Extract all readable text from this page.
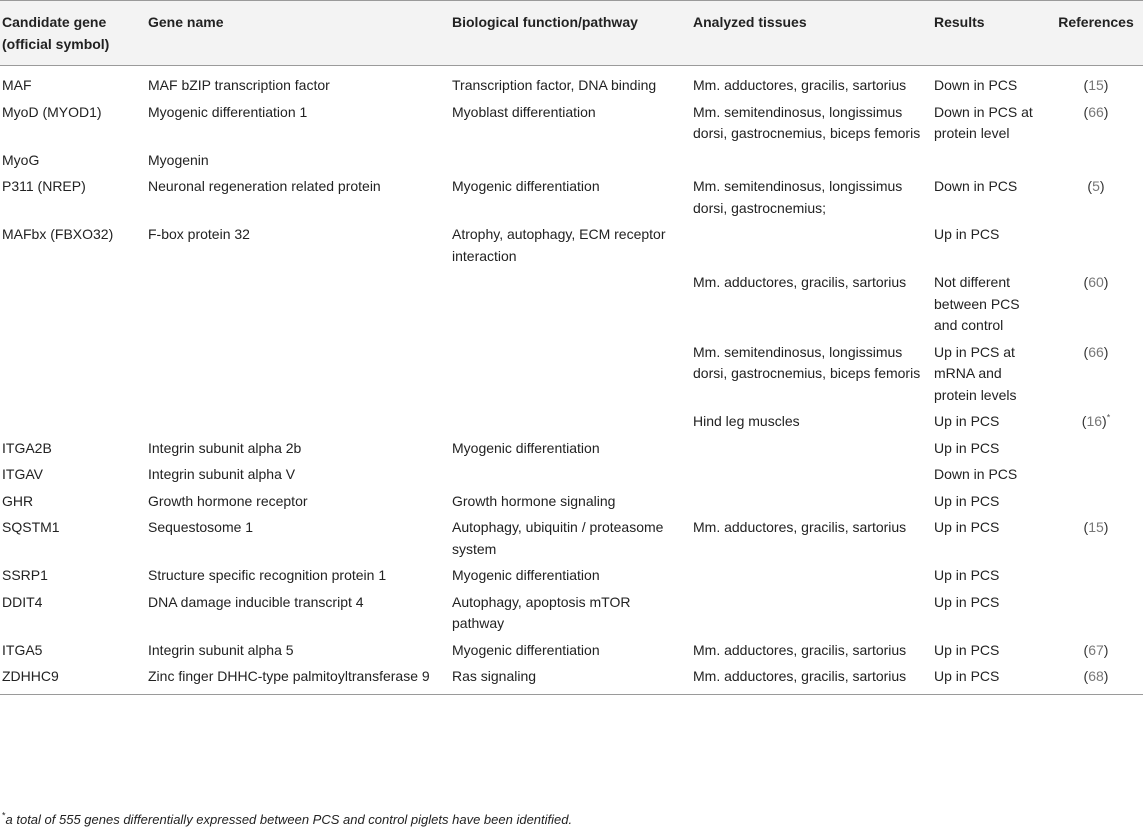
Candidate gene (official symbol)	Gene name	Biological function/pathway	Analyzed tissues	Results	References
MAF	MAF bZIP transcription factor	Transcription factor, DNA binding	Mm. adductores, gracilis, sartorius	Down in PCS	(15)
MyoD (MYOD1)	Myogenic differentiation 1	Myoblast differentiation	Mm. semitendinosus, longissimus dorsi, gastrocnemius, biceps femoris	Down in PCS at protein level	(66)
MyoG	Myogenin				
P311 (NREP)	Neuronal regeneration related protein	Myogenic differentiation	Mm. semitendinosus, longissimus dorsi, gastrocnemius;	Down in PCS	(5)
MAFbx (FBXO32)	F-box protein 32	Atrophy, autophagy, ECM receptor interaction		Up in PCS	
			Mm. adductores, gracilis, sartorius	Not different between PCS and control	(60)
			Mm. semitendinosus, longissimus dorsi, gastrocnemius, biceps femoris	Up in PCS at mRNA and protein levels	(66)
			Hind leg muscles	Up in PCS	(16)*
ITGA2B	Integrin subunit alpha 2b	Myogenic differentiation		Up in PCS	
ITGAV	Integrin subunit alpha V			Down in PCS	
GHR	Growth hormone receptor	Growth hormone signaling		Up in PCS	
SQSTM1	Sequestosome 1	Autophagy, ubiquitin / proteasome system	Mm. adductores, gracilis, sartorius	Up in PCS	(15)
SSRP1	Structure specific recognition protein 1	Myogenic differentiation		Up in PCS	
DDIT4	DNA damage inducible transcript 4	Autophagy, apoptosis mTOR pathway		Up in PCS	
ITGA5	Integrin subunit alpha 5	Myogenic differentiation	Mm. adductores, gracilis, sartorius	Up in PCS	(67)
ZDHHC9	Zinc finger DHHC-type palmitoyltransferase 9	Ras signaling	Mm. adductores, gracilis, sartorius	Up in PCS	(68)
*a total of 555 genes differentially expressed between PCS and control piglets have been identified.
